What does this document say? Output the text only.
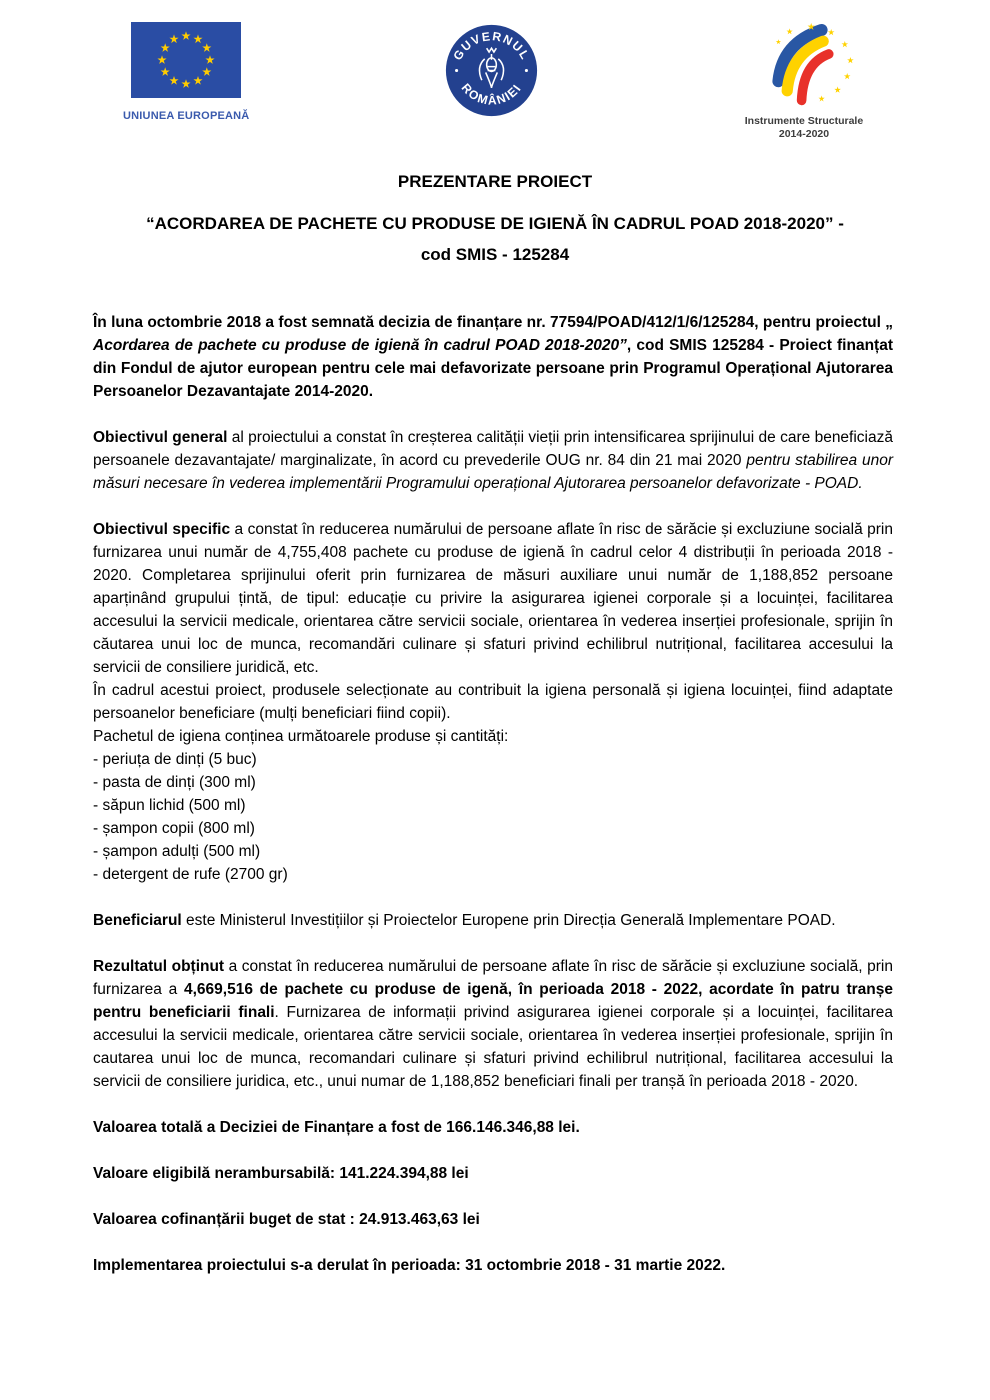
UNIUNEA EUROPEANĂ
GUVERNUL
ROMÂNIEI
Instrumente Structurale
2014-2020
PREZENTARE PROIECT
“ACORDAREA DE PACHETE CU PRODUSE DE IGIENĂ ÎN CADRUL POAD 2018-2020” -
cod SMIS - 125284

În luna octombrie 2018 a fost semnată decizia de finanțare nr. 77594/POAD/412/1/6/125284, pentru proiectul „ Acordarea de pachete cu produse de igienă în cadrul POAD 2018-2020”, cod SMIS 125284 - Proiect finanțat din Fondul de ajutor european pentru cele mai defavorizate persoane prin Programul Operațional Ajutorarea Persoanelor Dezavantajate 2014-2020.

Obiectivul general al proiectului a constat în creșterea calității vieții prin intensificarea sprijinului de care beneficiază persoanele dezavantajate/ marginalizate, în acord cu prevederile OUG nr. 84 din 21 mai 2020 pentru stabilirea unor măsuri necesare în vederea implementării Programului operațional Ajutorarea persoanelor defavorizate - POAD.

Obiectivul specific a constat în reducerea numărului de persoane aflate în risc de sărăcie și excluziune socială prin furnizarea unui număr de 4,755,408 pachete cu produse de igienă în cadrul celor 4 distribuții în perioada 2018 - 2020. Completarea sprijinului oferit prin furnizarea de măsuri auxiliare unui număr de 1,188,852 persoane aparținând grupului țintă, de tipul: educație cu privire la asigurarea igienei corporale și a locuinței, facilitarea accesului la servicii medicale, orientarea către servicii sociale, orientarea în vederea inserției profesionale, sprijin în căutarea unui loc de munca, recomandări culinare și sfaturi privind echilibrul nutrițional, facilitarea accesului la servicii de consiliere juridică, etc.

În cadrul acestui proiect, produsele selecționate au contribuit la igiena personală și igiena locuinței, fiind adaptate persoanelor beneficiare (mulți beneficiari fiind copii).

Pachetul de igiena conținea următoarele produse și cantități:

- periuța de dinți (5 buc)
- pasta de dinți (300 ml)
- săpun lichid (500 ml)
- șampon copii (800 ml)
- șampon adulți (500 ml)
- detergent de rufe (2700 gr)

Beneficiarul este Ministerul Investițiilor și Proiectelor Europene prin Direcția Generală Implementare POAD.

Rezultatul obținut a constat în reducerea numărului de persoane aflate în risc de sărăcie și excluziune socială, prin furnizarea a 4,669,516 de pachete cu produse de igenă, în perioada 2018 - 2022, acordate în patru tranșe pentru beneficiarii finali. Furnizarea de informații privind asigurarea igienei corporale și a locuinței, facilitarea accesului la servicii medicale, orientarea către servicii sociale, orientarea în vederea inserției profesionale, sprijin în cautarea unui loc de munca, recomandari culinare și sfaturi privind echilibrul nutrițional, facilitarea accesului la servicii de consiliere juridica, etc., unui numar de 1,188,852 beneficiari finali per tranșă în perioada 2018 - 2020.

Valoarea totală a Deciziei de Finanțare a fost de 166.146.346,88 lei.

Valoare eligibilă nerambursabilă: 141.224.394,88 lei

Valoarea cofinanțării buget de stat : 24.913.463,63 lei

Implementarea proiectului s-a derulat în perioada: 31 octombrie 2018 - 31 martie 2022.
